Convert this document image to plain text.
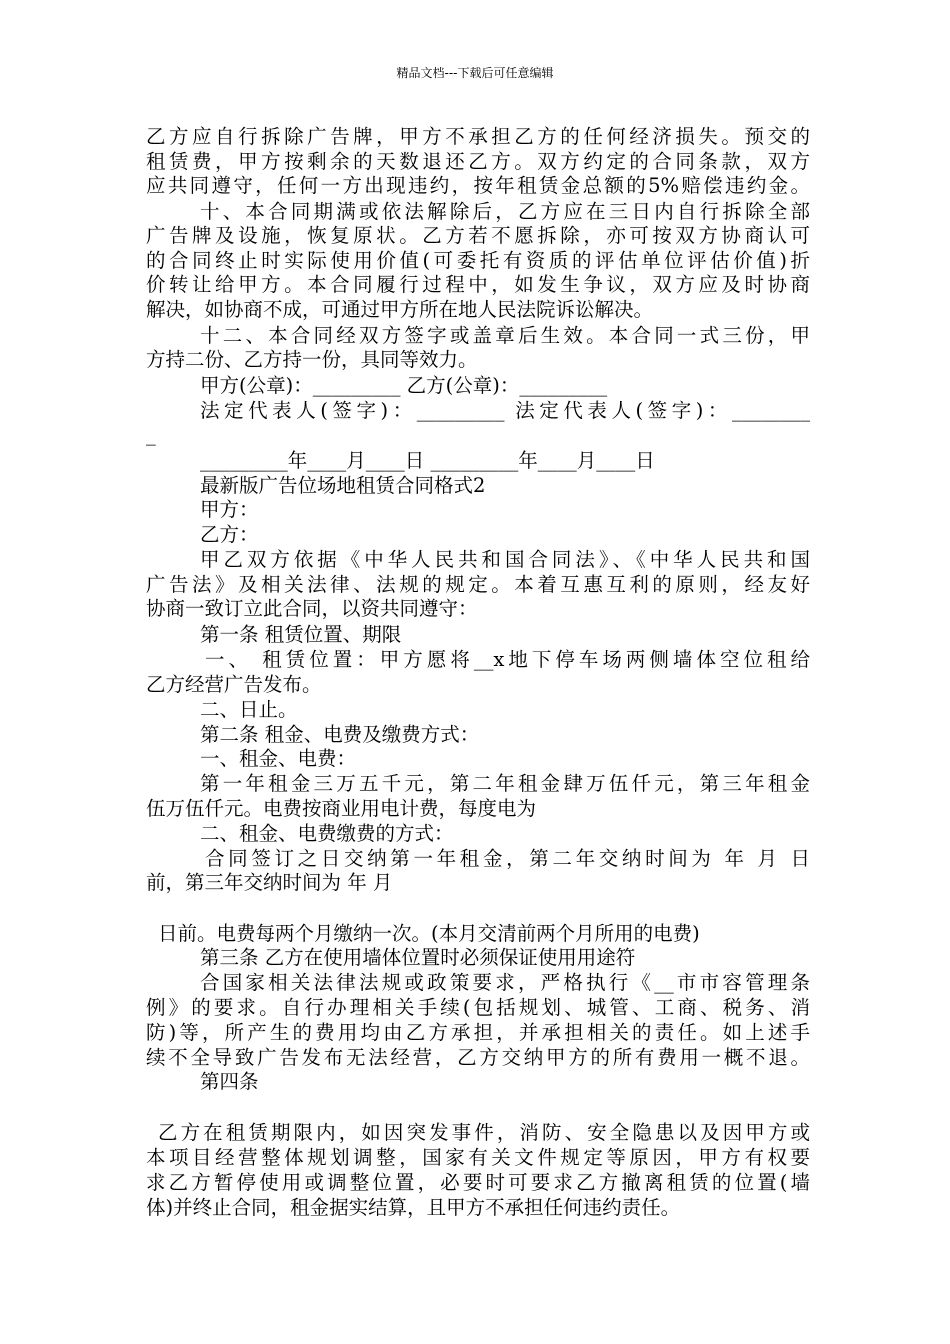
精品文档---下载后可任意编辑
乙方应自行拆除广告牌，甲方不承担乙方的任何经济损失。预交的
租赁费，甲方按剩余的天数退还乙方。双方约定的合同条款，双方
应共同遵守，任何一方出现违约，按年租赁金总额的5%赔偿违约金。
十、本合同期满或依法解除后，乙方应在三日内自行拆除全部
广告牌及设施，恢复原状。乙方若不愿拆除，亦可按双方协商认可
的合同终止时实际使用价值(可委托有资质的评估单位评估价值)折
价转让给甲方。本合同履行过程中，如发生争议，双方应及时协商
解决，如协商不成，可通过甲方所在地人民法院诉讼解决。
十二、本合同经双方签字或盖章后生效。本合同一式三份，甲
方持二份、乙方持一份，具同等效力。
甲方(公章)：_________ 乙方(公章)：_________
法定代表人(签字)：_________ 法定代表人(签字)：________
_
_________年____月____日 _________年____月____日
最新版广告位场地租赁合同格式2
甲方：
乙方：
甲乙双方依据《中华人民共和国合同法》、《中华人民共和国
广告法》及相关法律、法规的规定。本着互惠互利的原则，经友好
协商一致订立此合同，以资共同遵守：
第一条 租赁位置、期限
一、 租赁位置：甲方愿将__x地下停车场两侧墙体空位租给
乙方经营广告发布。
二、日止。
第二条 租金、电费及缴费方式：
一、租金、电费：
第一年租金三万五千元，第二年租金肆万伍仟元，第三年租金
伍万伍仟元。电费按商业用电计费，每度电为
二、租金、电费缴费的方式：
合同签订之日交纳第一年租金，第二年交纳时间为 年 月 日
前，第三年交纳时间为 年 月
日前。电费每两个月缴纳一次。(本月交清前两个月所用的电费)
第三条 乙方在使用墙体位置时必须保证使用用途符
合国家相关法律法规或政策要求，严格执行《__市市容管理条
例》的要求。自行办理相关手续(包括规划、城管、工商、税务、消
防)等，所产生的费用均由乙方承担，并承担相关的责任。如上述手
续不全导致广告发布无法经营，乙方交纳甲方的所有费用一概不退。
第四条
乙方在租赁期限内，如因突发事件，消防、安全隐患以及因甲方或
本项目经营整体规划调整，国家有关文件规定等原因，甲方有权要
求乙方暂停使用或调整位置，必要时可要求乙方撤离租赁的位置(墙
体)并终止合同，租金据实结算，且甲方不承担任何违约责任。
